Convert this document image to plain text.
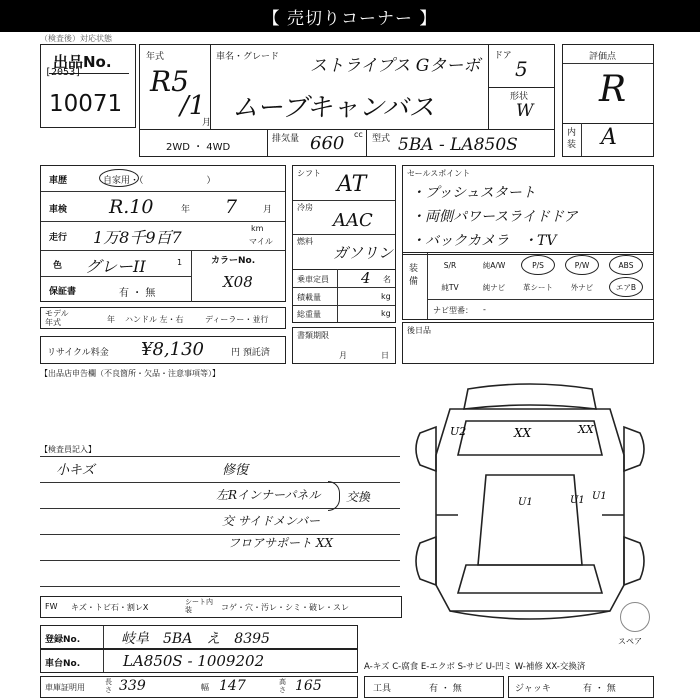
【 売切りコーナー 】
（検査後）対応状態
出品No.
[2053]
10071
年式
R5
/1
月
車名・グレード ストライプス Gターボ
ムーブキャンバス
ドア
5
形状
W
2WD ・ 4WD
排気量	cc
660	型式 5BA - LA850S
評価点
R
内装 A
車歴	自家用・（　　　　　　　）
車検 R.10	年 7	月
走行 1万8千9百7	km
マイル
色 グレーII	1	カラーNo.
X08
保証書	有 ・ 無
モデル年式	年 ハンドル 左・右	ディーラー・並行
リサイクル料金 ¥8,130	円 預託済
シフト AT
冷房
AAC
燃料
ガソリン
乗車定員 4 名
積載量	kg
総重量	kg
書類期限
月	日
セールスポイント
・プッシュスタート
・両側パワースライドドア
・バックカメラ　・TV
装備
S/R	純A/W	P/S	P/W	ABS
純TV	純ナビ	革シート	外ナビ	エアB
ナビ型番： -
後日品
【出品店申告欄（不良箇所・欠品・注意事項等）】
【検査員記入】
小キズ	修復
左Rインナーパネル
交 サイドメンバー
フロアサポート XX
交換
U2	XX	XX
U1	U1 U1
FW キズ・トビ石・割レX
シート内装	コゲ・穴・汚レ・シミ・破レ・スレ
スペア
登録No.	岐阜　5BA　え　8395
車台No.	LA850S - 1009202	A-キズ C-腐食 E-エクボ S-サビ U-凹ミ W-補修 XX-交換済
車庫証明用
長さ 339	幅 147	高さ 165	工具	有 ・ 無	ジャッキ	有 ・ 無
